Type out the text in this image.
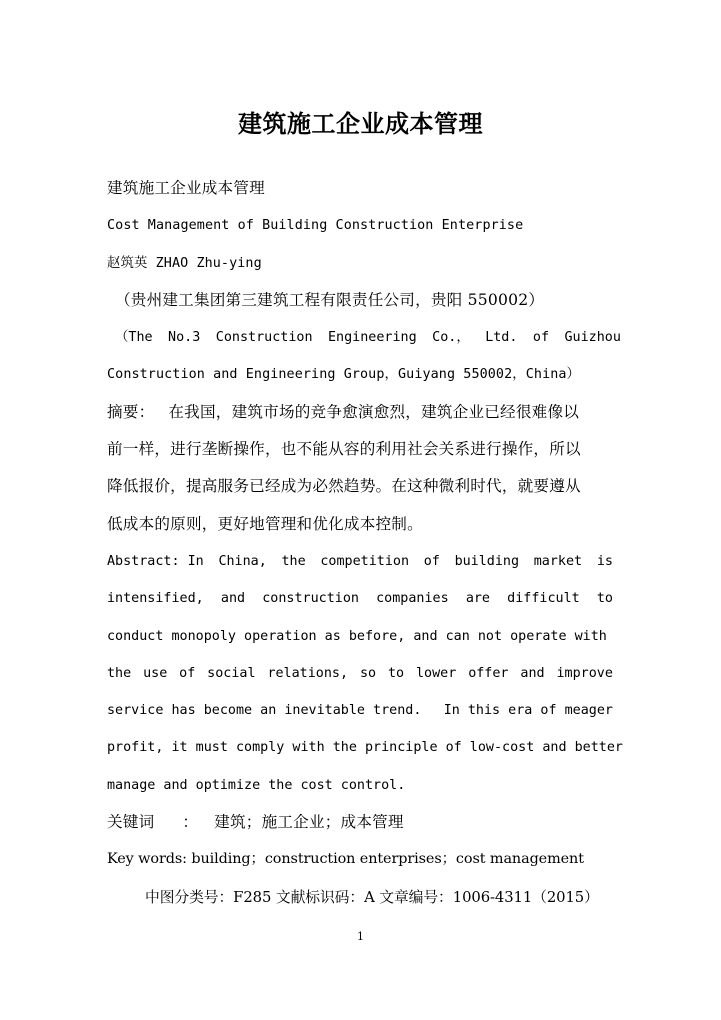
建筑施工企业成本管理
建筑施工企业成本管理
Cost Management of Building Construction Enterprise
赵筑英 ZHAO Zhu-ying
（贵州建工集团第三建筑工程有限责任公司，贵阳 550002）
（The No.3 Construction Engineering Co.， Ltd. of Guizhou
Construction and Engineering Group，Guiyang 550002，China）
摘要： 在我国，建筑市场的竞争愈演愈烈，建筑企业已经很难像以
前一样，进行垄断操作，也不能从容的利用社会关系进行操作，所以
降低报价，提高服务已经成为必然趋势。在这种微利时代，就要遵从
低成本的原则，更好地管理和优化成本控制。
Abstract: In China, the competition of building market is
intensified, and construction companies are difficult to
conduct monopoly operation as before, and can not operate with
the use of social relations, so to lower offer and improve
service has become an inevitable trend. In this era of meager
profit, it must comply with the principle of low-cost and better
manage and optimize the cost control.
关键词 ： 建筑；施工企业；成本管理
Key words: building；construction enterprises；cost management
中图分类号：F285 文献标识码：A 文章编号：1006-4311（2015）
1
